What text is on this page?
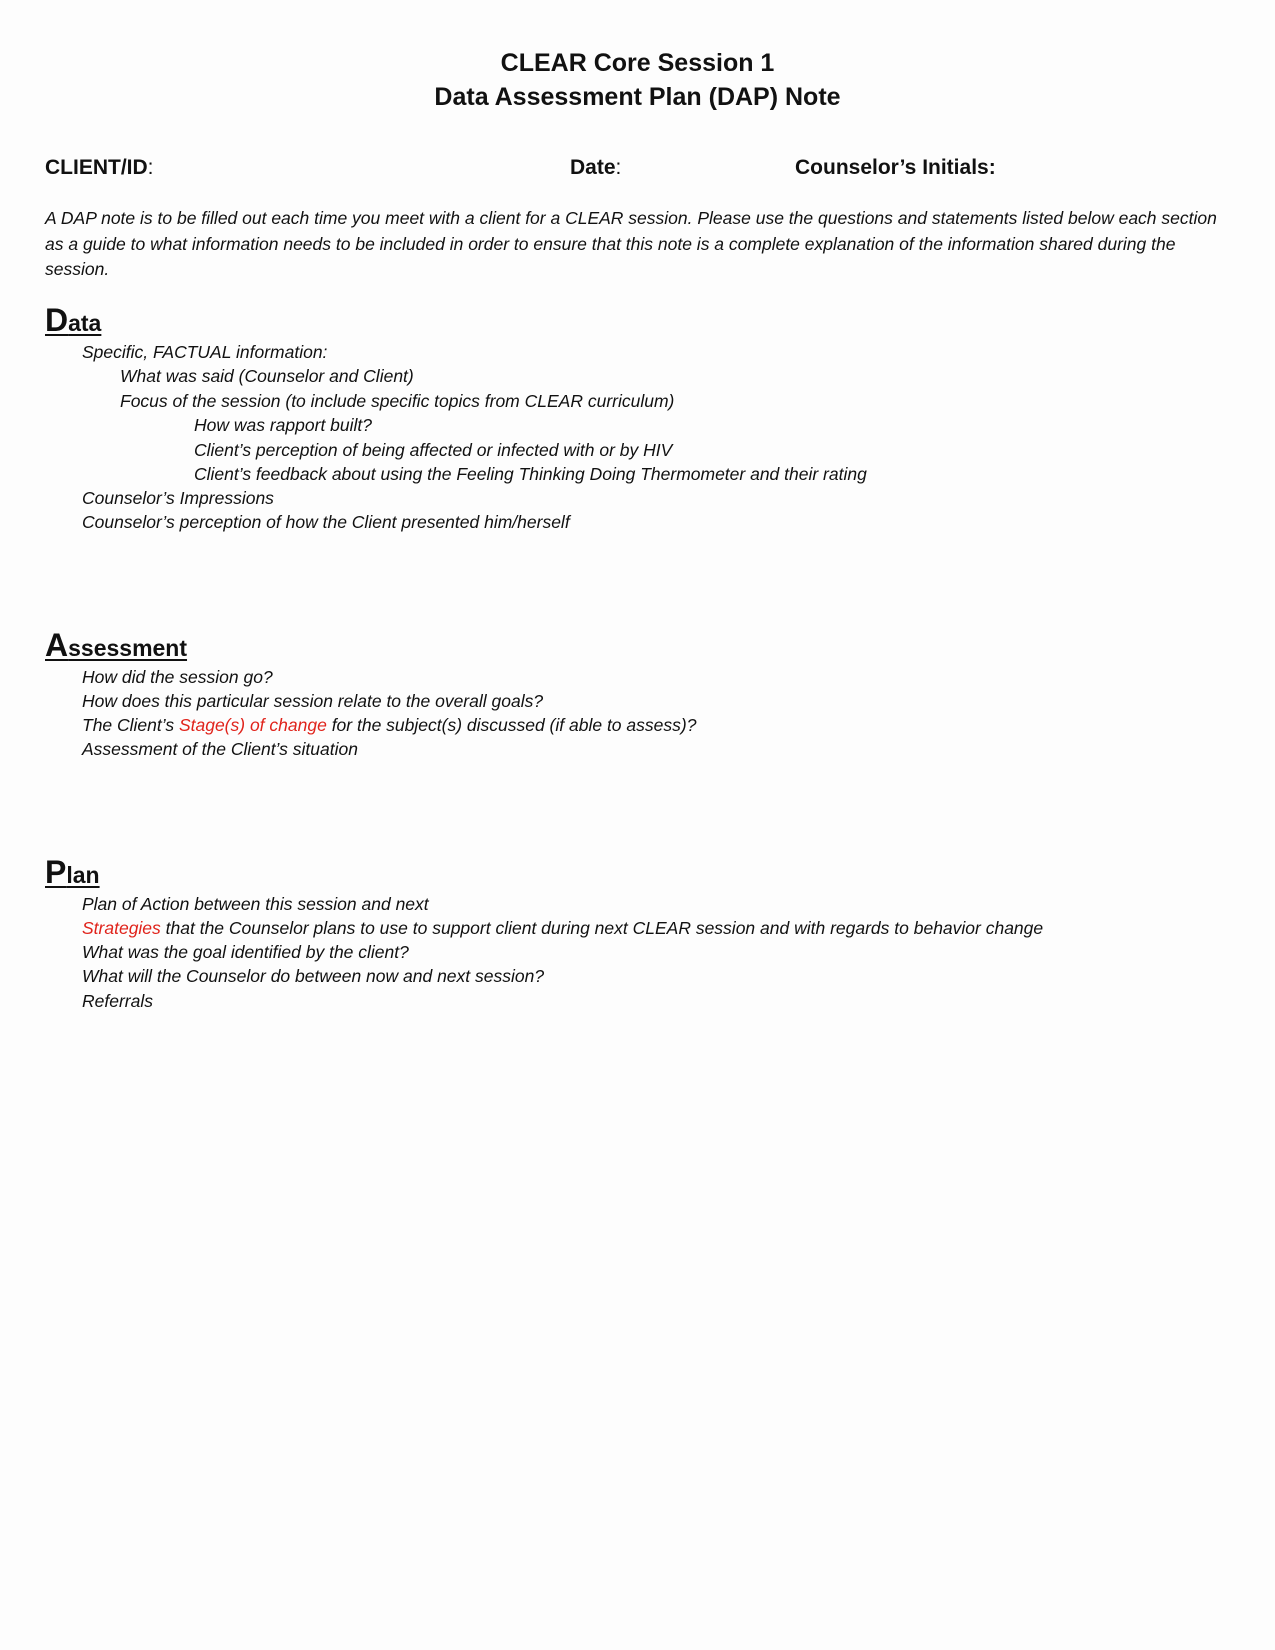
CLEAR Core Session 1
Data Assessment Plan (DAP) Note
CLIENT/ID:	Date:	Counselor’s Initials:
A DAP note is to be filled out each time you meet with a client for a CLEAR session. Please use the questions and statements listed below each section as a guide to what information needs to be included in order to ensure that this note is a complete explanation of the information shared during the session.
Data
Specific, FACTUAL information:
What was said (Counselor and Client)
Focus of the session (to include specific topics from CLEAR curriculum)
How was rapport built?
Client’s perception of being affected or infected with or by HIV
Client’s feedback about using the Feeling Thinking Doing Thermometer and their rating
Counselor’s Impressions
Counselor’s perception of how the Client presented him/herself
Assessment
How did the session go?
How does this particular session relate to the overall goals?
The Client’s Stage(s) of change for the subject(s) discussed (if able to assess)?
Assessment of the Client’s situation
Plan
Plan of Action between this session and next
Strategies that the Counselor plans to use to support client during next CLEAR session and with regards to behavior change
What was the goal identified by the client?
What will the Counselor do between now and next session?
Referrals
